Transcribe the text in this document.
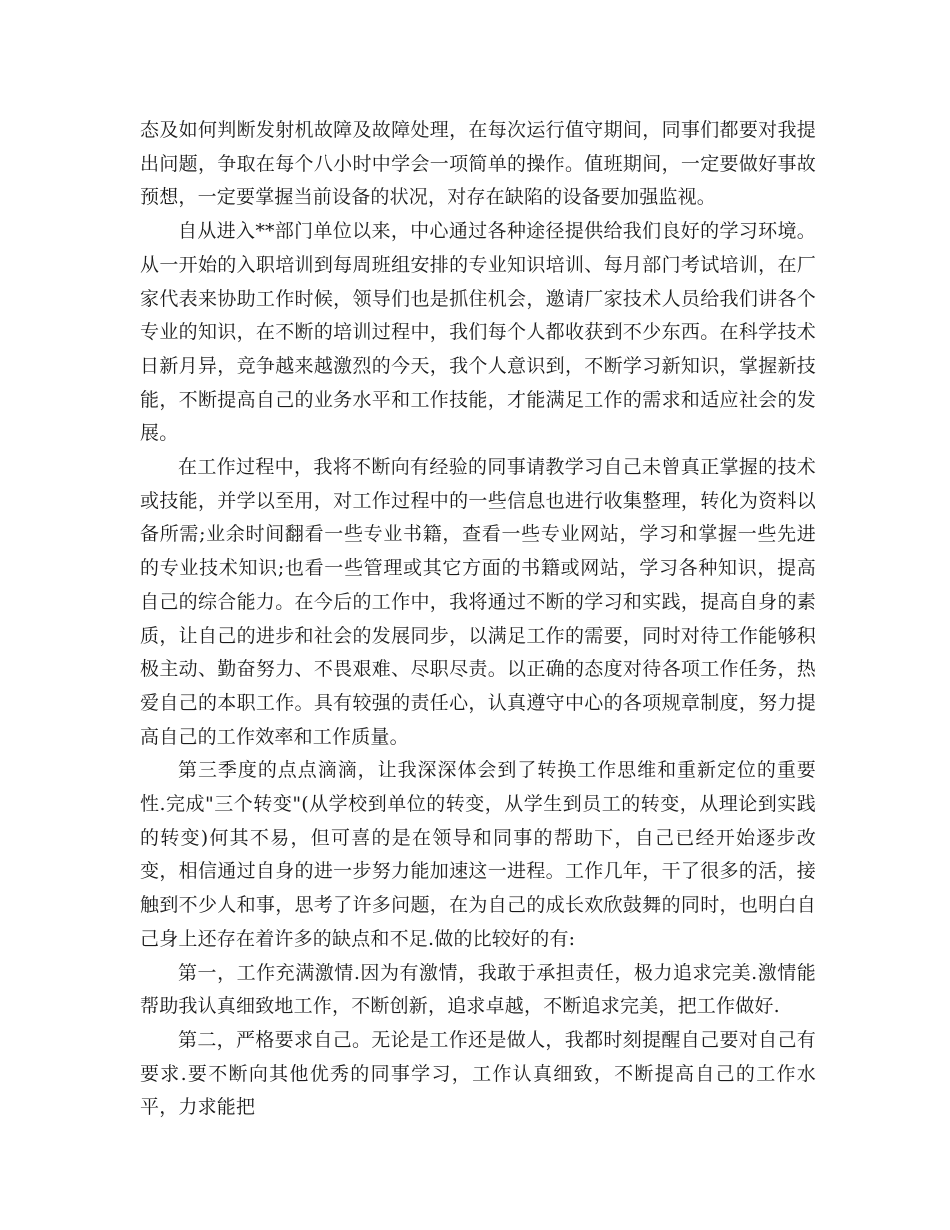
态及如何判断发射机故障及故障处理，在每次运行值守期间，同事们都要对我提出问题，争取在每个八小时中学会一项简单的操作。值班期间，一定要做好事故预想，一定要掌握当前设备的状况，对存在缺陷的设备要加强监视。

自从进入**部门单位以来，中心通过各种途径提供给我们良好的学习环境。从一开始的入职培训到每周班组安排的专业知识培训、每月部门考试培训，在厂家代表来协助工作时候，领导们也是抓住机会，邀请厂家技术人员给我们讲各个专业的知识，在不断的培训过程中，我们每个人都收获到不少东西。在科学技术日新月异，竞争越来越激烈的今天，我个人意识到，不断学习新知识，掌握新技能，不断提高自己的业务水平和工作技能，才能满足工作的需求和适应社会的发展。

在工作过程中，我将不断向有经验的同事请教学习自己未曾真正掌握的技术或技能，并学以至用，对工作过程中的一些信息也进行收集整理，转化为资料以备所需;业余时间翻看一些专业书籍，查看一些专业网站，学习和掌握一些先进的专业技术知识;也看一些管理或其它方面的书籍或网站，学习各种知识，提高自己的综合能力。在今后的工作中，我将通过不断的学习和实践，提高自身的素质，让自己的进步和社会的发展同步，以满足工作的需要，同时对待工作能够积极主动、勤奋努力、不畏艰难、尽职尽责。以正确的态度对待各项工作任务，热爱自己的本职工作。具有较强的责任心，认真遵守中心的各项规章制度，努力提高自己的工作效率和工作质量。

第三季度的点点滴滴，让我深深体会到了转换工作思维和重新定位的重要性.完成"三个转变"(从学校到单位的转变，从学生到员工的转变，从理论到实践的转变)何其不易，但可喜的是在领导和同事的帮助下，自己已经开始逐步改变，相信通过自身的进一步努力能加速这一进程。工作几年，干了很多的活，接触到不少人和事，思考了许多问题，在为自己的成长欢欣鼓舞的同时，也明白自己身上还存在着许多的缺点和不足.做的比较好的有:

第一，工作充满激情.因为有激情，我敢于承担责任，极力追求完美.激情能帮助我认真细致地工作，不断创新，追求卓越，不断追求完美，把工作做好.

第二，严格要求自己。无论是工作还是做人，我都时刻提醒自己要对自己有要求.要不断向其他优秀的同事学习，工作认真细致，不断提高自己的工作水平，力求能把
